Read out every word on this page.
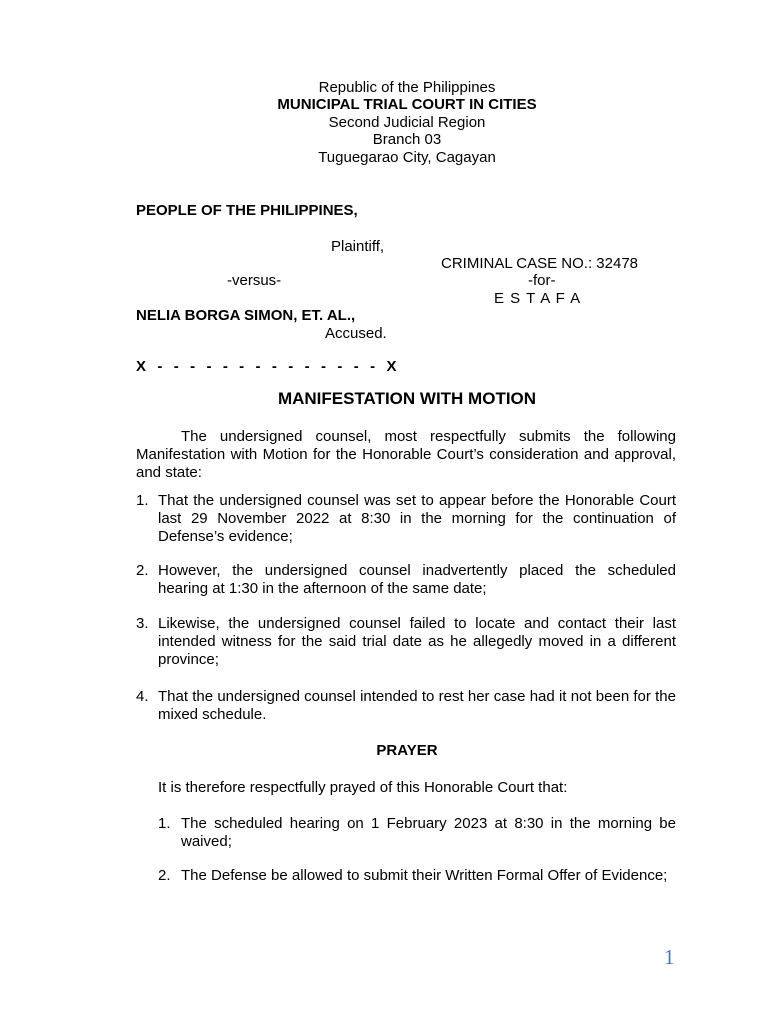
Republic of the Philippines
MUNICIPAL TRIAL COURT IN CITIES
Second Judicial Region
Branch 03
Tuguegarao City, Cagayan
PEOPLE OF THE PHILIPPINES,
Plaintiff,
CRIMINAL CASE NO.: 32478
-versus-	-for-
E S T A F A
NELIA BORGA SIMON, ET. AL.,
Accused.
X - - - - - - - - - - - - - - X
MANIFESTATION WITH MOTION
The undersigned counsel, most respectfully submits the following Manifestation with Motion for the Honorable Court’s consideration and approval, and state:
1. That the undersigned counsel was set to appear before the Honorable Court last 29 November 2022 at 8:30 in the morning for the continuation of Defense’s evidence;
2. However, the undersigned counsel inadvertently placed the scheduled hearing at 1:30 in the afternoon of the same date;
3. Likewise, the undersigned counsel failed to locate and contact their last intended witness for the said trial date as he allegedly moved in a different province;
4. That the undersigned counsel intended to rest her case had it not been for the mixed schedule.
PRAYER
It is therefore respectfully prayed of this Honorable Court that:
1. The scheduled hearing on 1 February 2023 at 8:30 in the morning be waived;
2. The Defense be allowed to submit their Written Formal Offer of Evidence;
1
